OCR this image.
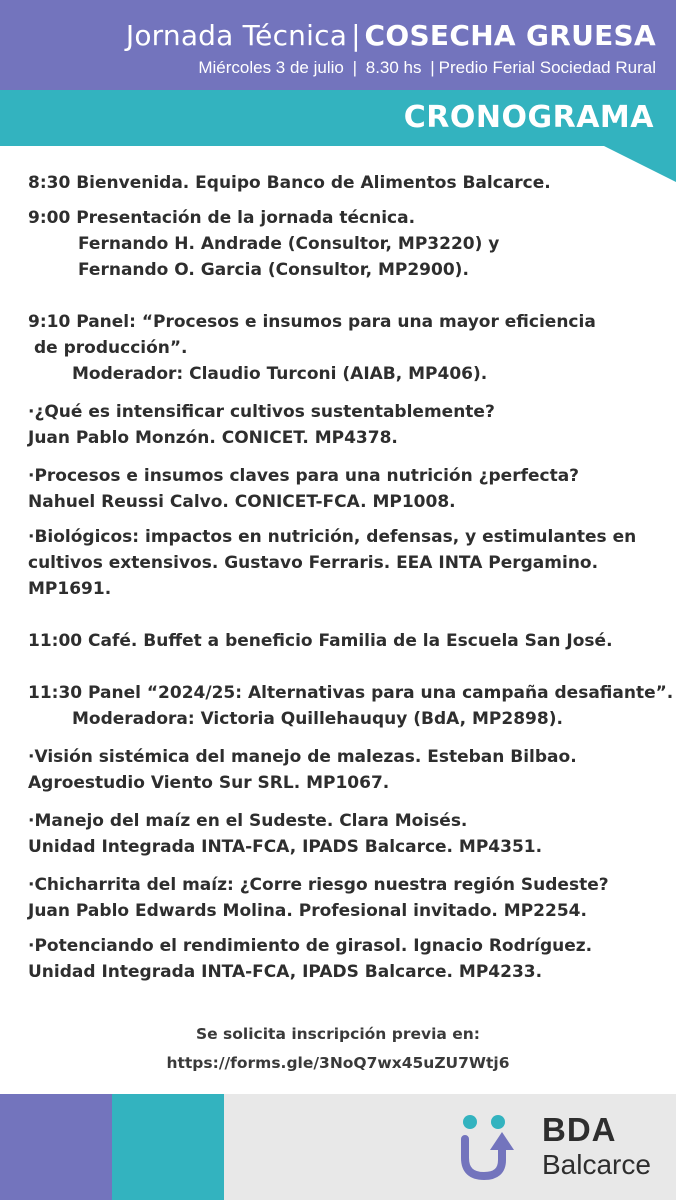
Jornada Técnica | COSECHA GRUESA
Miércoles 3 de julio | 8.30 hs | Predio Ferial Sociedad Rural
CRONOGRAMA
8:30 Bienvenida. Equipo Banco de Alimentos Balcarce.
9:00 Presentación de la jornada técnica.
Fernando H. Andrade (Consultor, MP3220) y
Fernando O. Garcia (Consultor, MP2900).
9:10 Panel: “Procesos e insumos para una mayor eficiencia
de producción”.
Moderador: Claudio Turconi (AIAB, MP406).
·¿Qué es intensificar cultivos sustentablemente?
Juan Pablo Monzón. CONICET. MP4378.
·Procesos e insumos claves para una nutrición ¿perfecta?
Nahuel Reussi Calvo. CONICET-FCA. MP1008.
·Biológicos: impactos en nutrición, defensas, y estimulantes en
cultivos extensivos. Gustavo Ferraris. EEA INTA Pergamino.
MP1691.
11:00 Café. Buffet a beneficio Familia de la Escuela San José.
11:30 Panel “2024/25: Alternativas para una campaña desafiante”.
Moderadora: Victoria Quillehauquy (BdA, MP2898).
·Visión sistémica del manejo de malezas. Esteban Bilbao.
Agroestudio Viento Sur SRL. MP1067.
·Manejo del maíz en el Sudeste. Clara Moisés.
Unidad Integrada INTA-FCA, IPADS Balcarce. MP4351.
·Chicharrita del maíz: ¿Corre riesgo nuestra región Sudeste?
Juan Pablo Edwards Molina. Profesional invitado. MP2254.
·Potenciando el rendimiento de girasol. Ignacio Rodríguez.
Unidad Integrada INTA-FCA, IPADS Balcarce. MP4233.
Se solicita inscripción previa en:
https://forms.gle/3NoQ7wx45uZU7Wtj6
BDA
Balcarce
